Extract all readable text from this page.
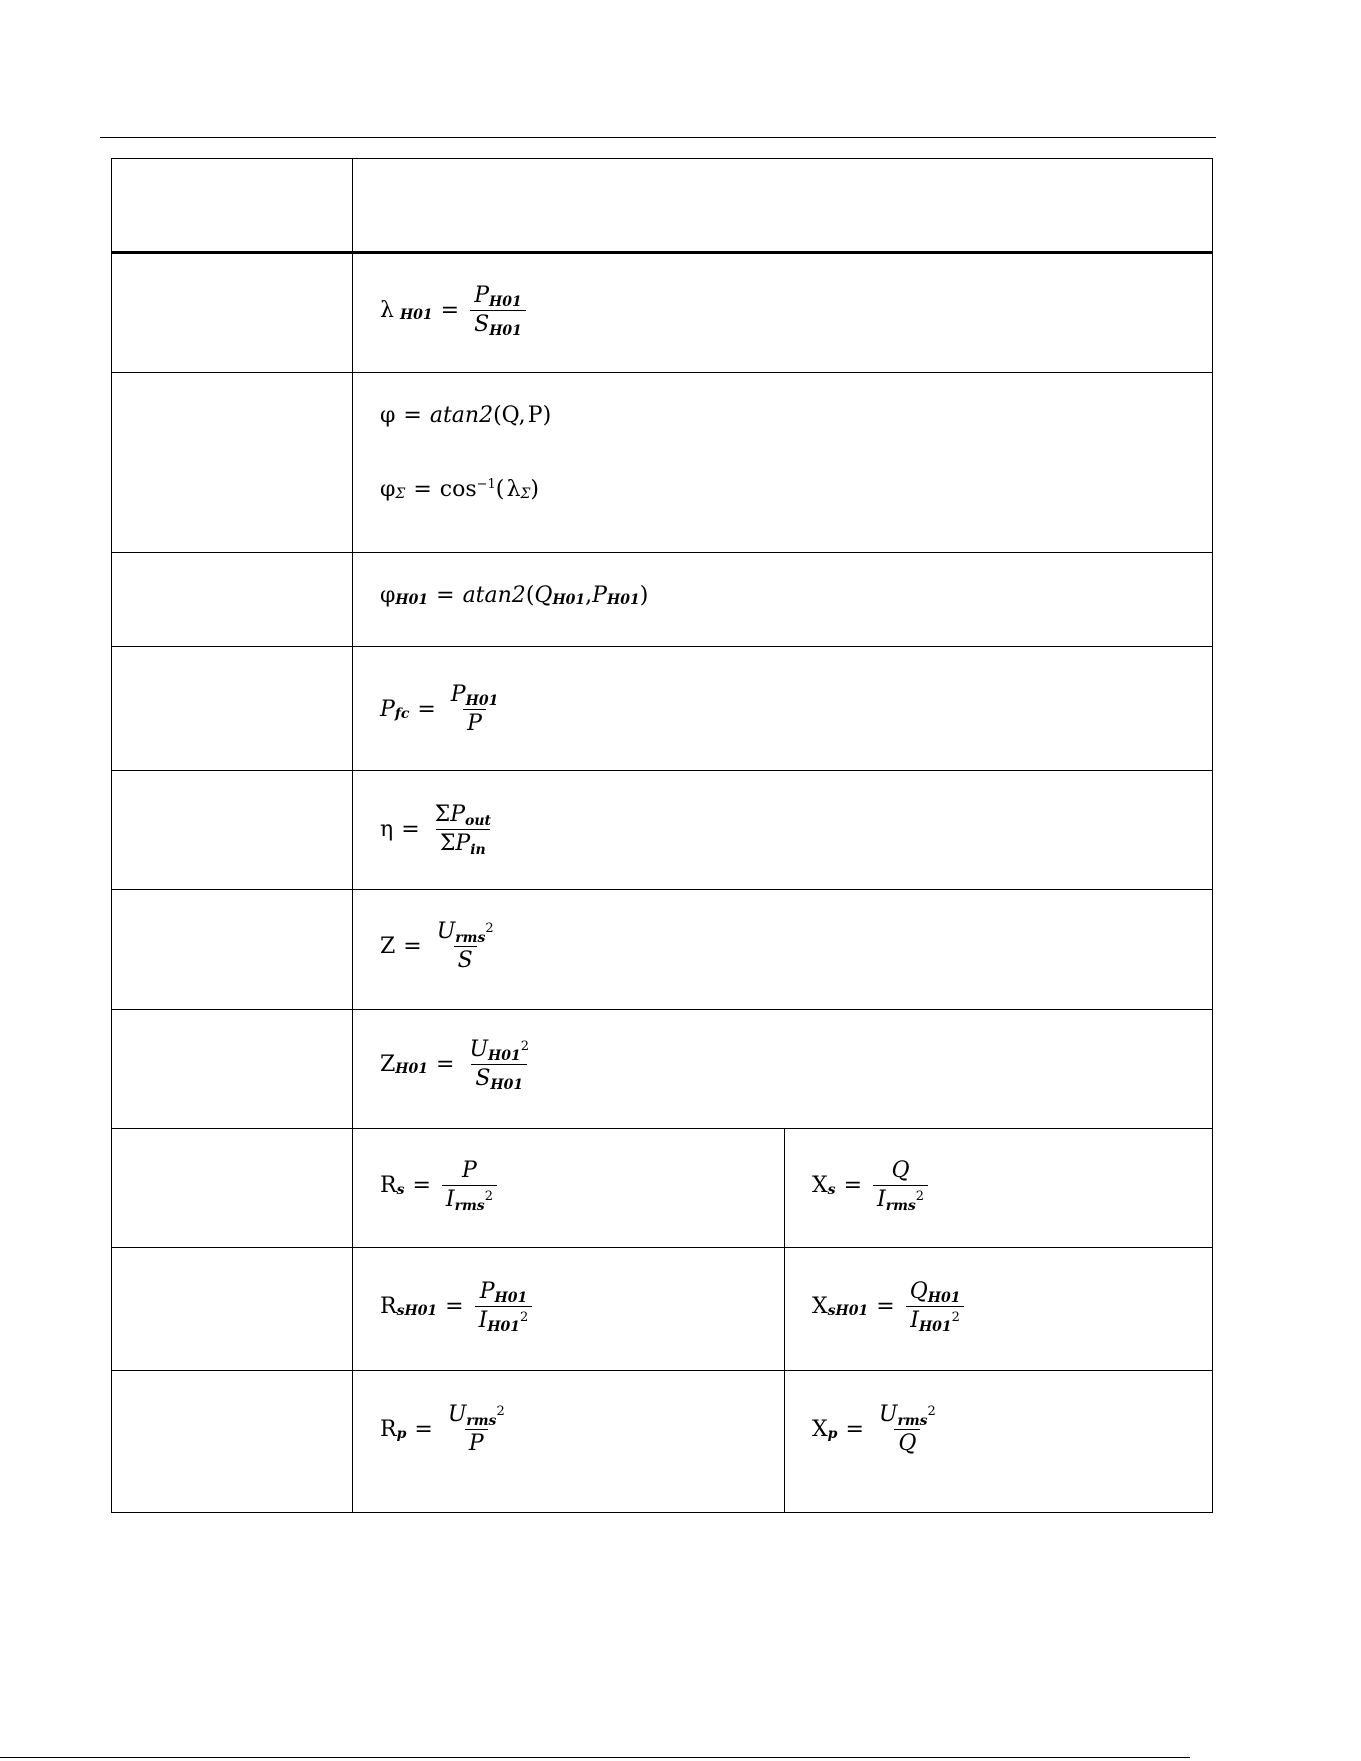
λ $_{H01} = \frac{P_{H01}}{S_{H01}}$
φ = atan2 (Q, P)
$\varphi_\Sigma = \cos^{-1}$ (  $\lambda_\Sigma$ )
$\varphi_{H01} = atan2$ ( $Q_{H01}$ , $P_{H01}$ )
$P_{fc} = \frac{P_{H01}}{P}$
$\eta = \frac{\Sigma P_{out}}{\Sigma P_{in}}$
$Z = \frac{U_{rms}^2}{S}$
$Z_{H01} = \frac{U_{H01}^2}{S_{H01}}$
$R_s = \frac{P}{I_{rms}^2}$	$X_s = \frac{Q}{I_{rms}^2}$
$R_{sH01} = \frac{P_{H01}}{I_{H01}^2}$	$X_{sH01} = \frac{Q_{H01}}{I_{H01}^2}$
$R_p = \frac{U_{rms}^2}{P}$	$X_p = \frac{U_{rms}^2}{Q}$
